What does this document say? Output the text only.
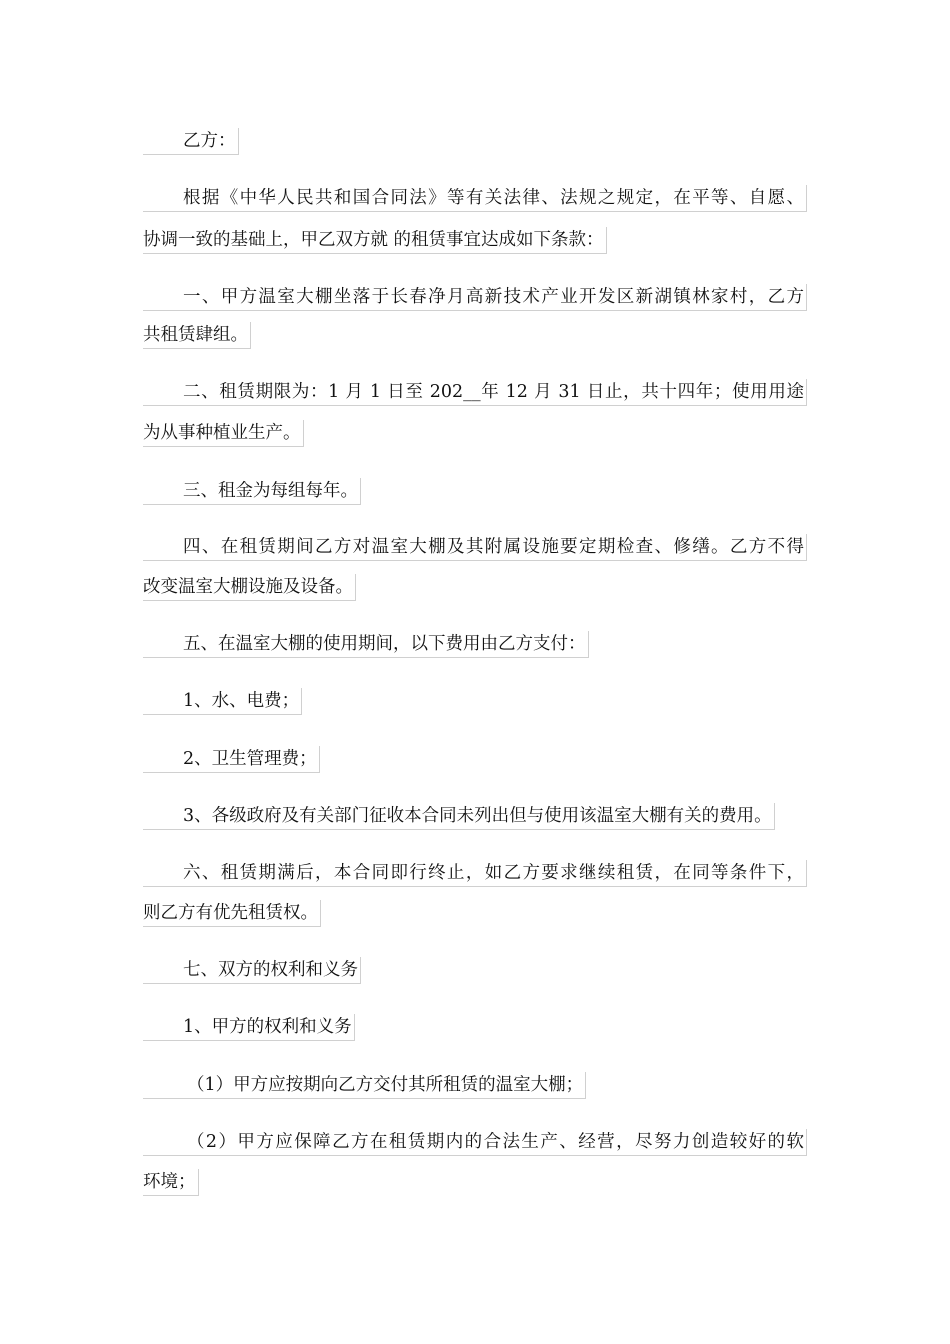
乙方：
根据《中华人民共和国合同法》等有关法律、法规之规定，在平等、自愿、
协调一致的基础上，甲乙双方就 的租赁事宜达成如下条款：
一、甲方温室大棚坐落于长春净月高新技术产业开发区新湖镇林家村，乙方
共租赁肆组。
二、租赁期限为：1 月 1 日至 202__年 12 月 31 日止，共十四年；使用用途
为从事种植业生产。
三、租金为每组每年。
四、在租赁期间乙方对温室大棚及其附属设施要定期检查、修缮。乙方不得
改变温室大棚设施及设备。
五、在温室大棚的使用期间，以下费用由乙方支付：
1、水、电费；
2、卫生管理费；
3、各级政府及有关部门征收本合同未列出但与使用该温室大棚有关的费用。
六、租赁期满后，本合同即行终止，如乙方要求继续租赁，在同等条件下，
则乙方有优先租赁权。
七、双方的权利和义务
1、甲方的权利和义务
（1）甲方应按期向乙方交付其所租赁的温室大棚；
（2）甲方应保障乙方在租赁期内的合法生产、经营，尽努力创造较好的软
环境；
